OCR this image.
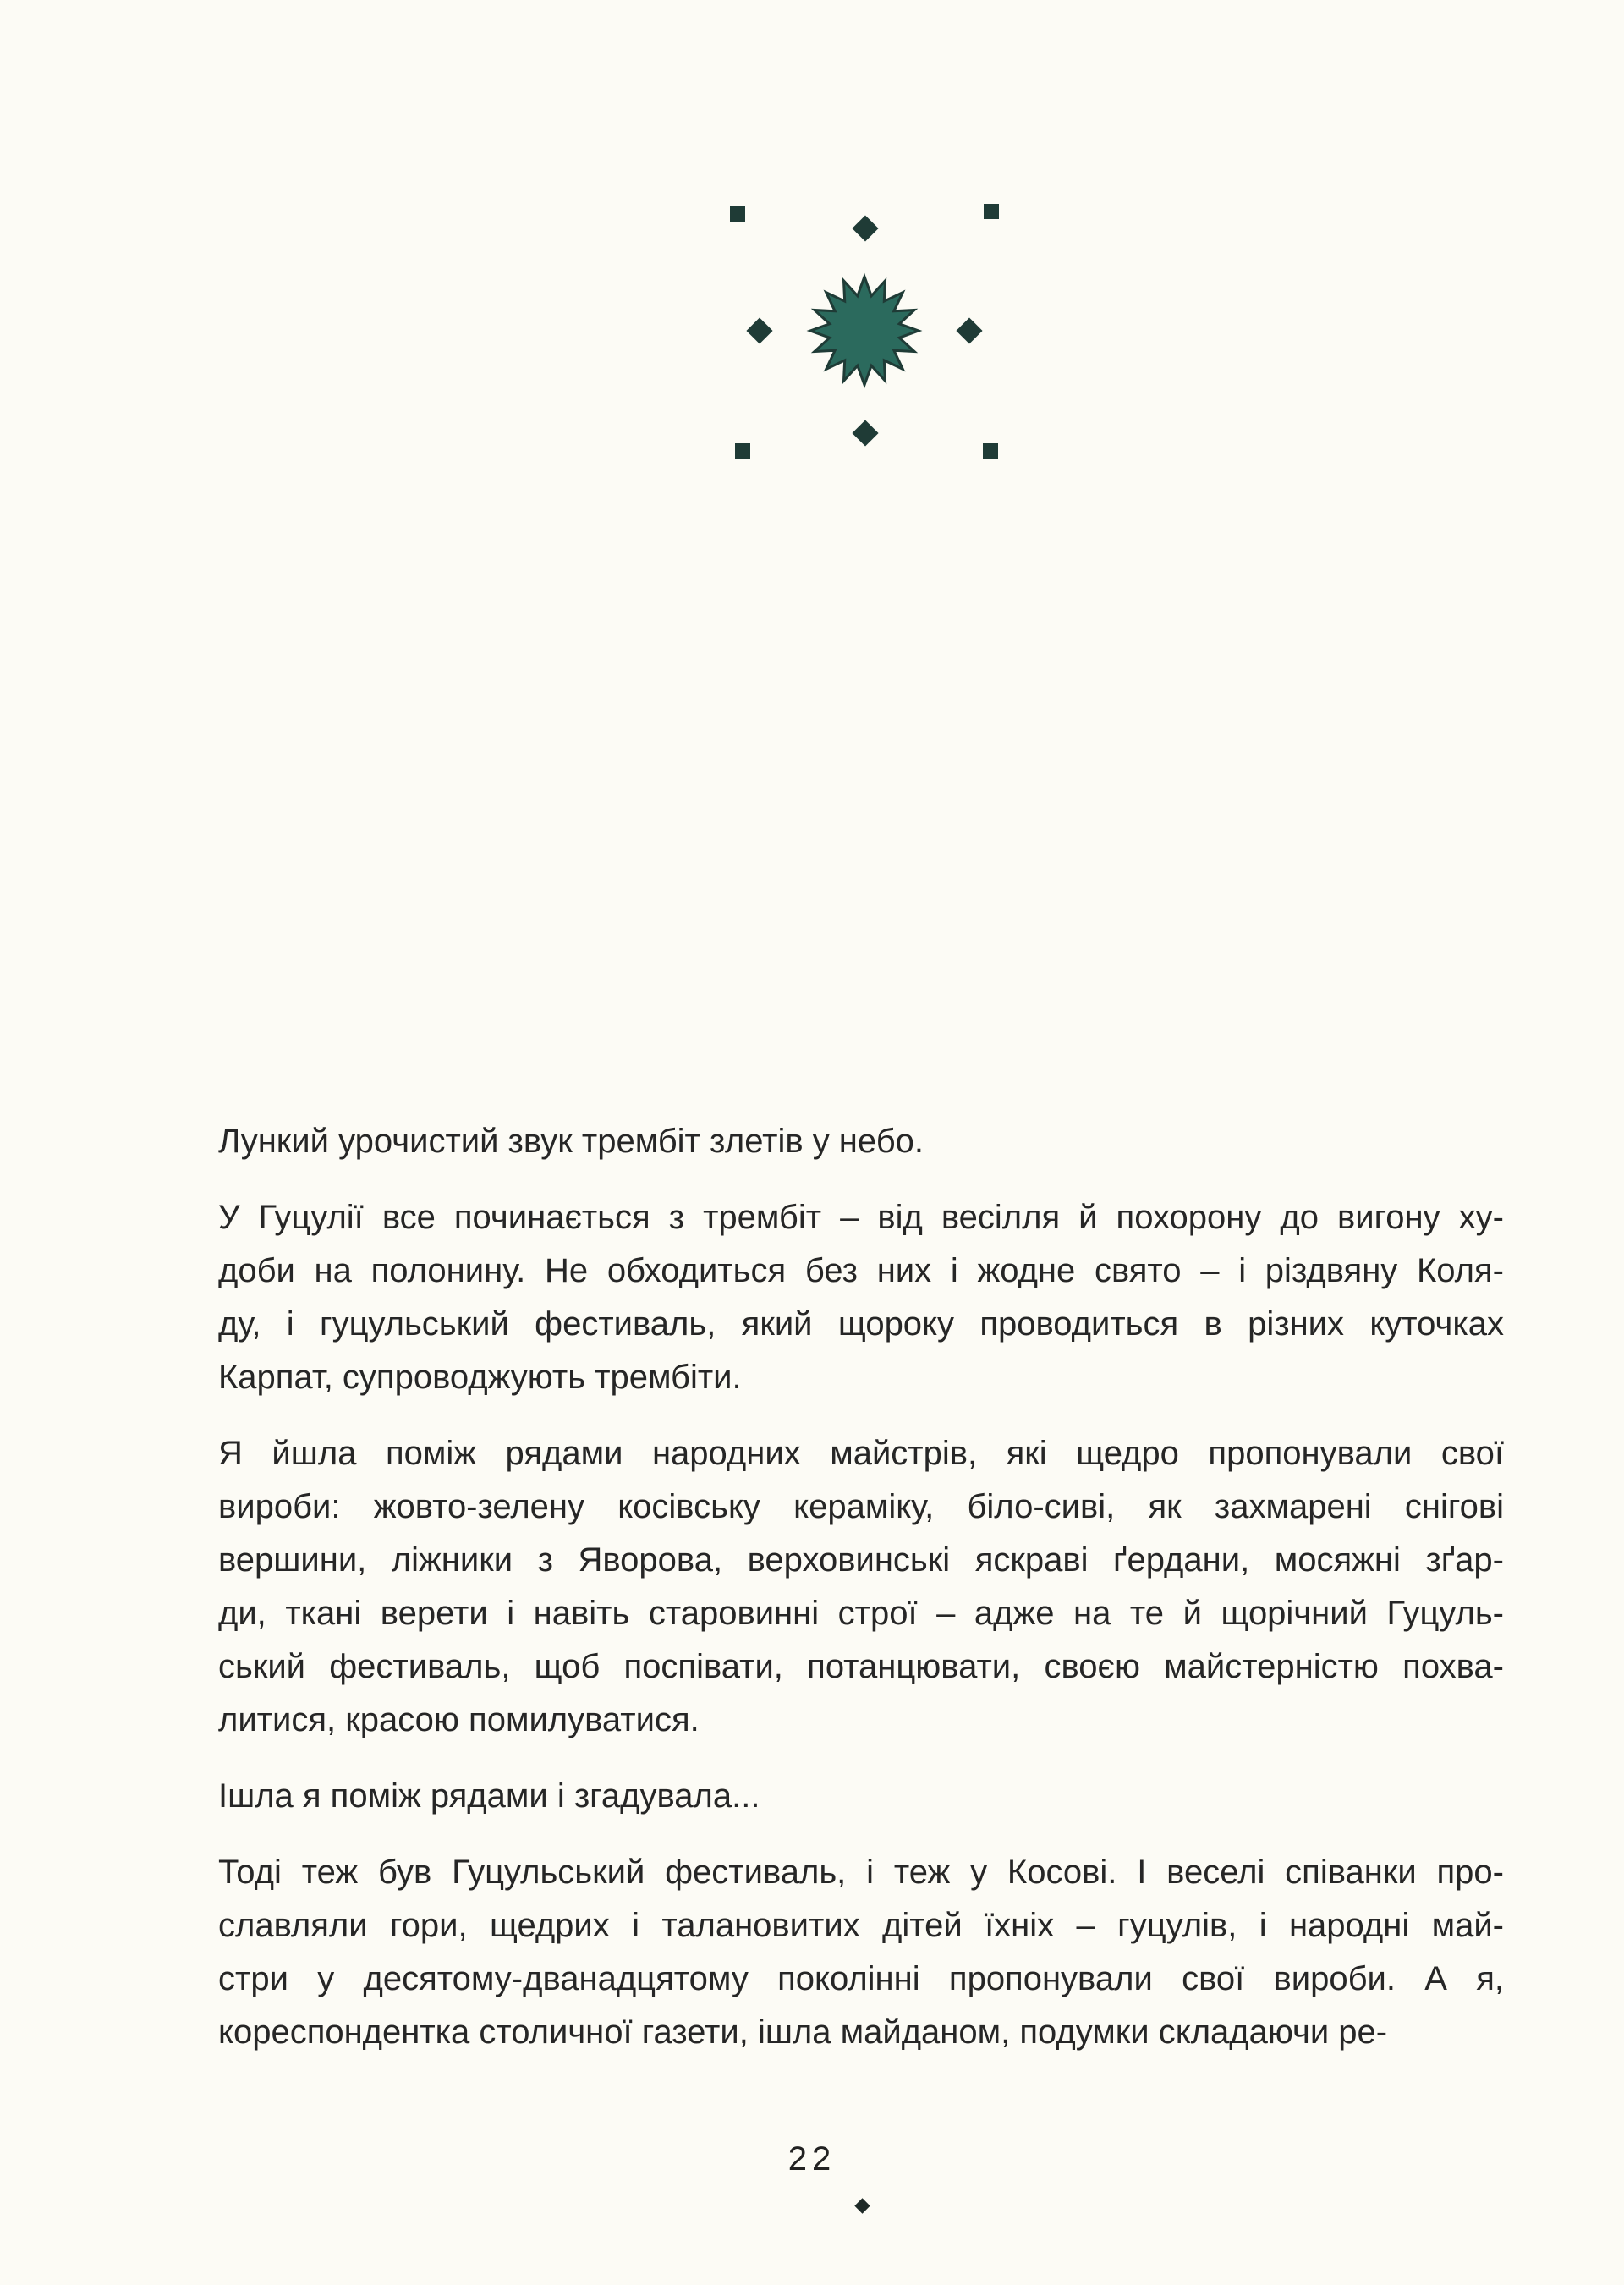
Лункий урочистий звук трембіт злетів у небо.

У Гуцулії все починається з трембіт – від весілля й похорону до вигону ху-
доби на полонину. Не обходиться без них і жодне свято – і різдвяну Коля-
ду, і гуцульський фестиваль, який щороку проводиться в різних куточках
Карпат, супроводжують трембіти.

Я йшла поміж рядами народних майстрів, які щедро пропонували свої
вироби: жовто-зелену косівську кераміку, біло-сиві, як захмарені снігові
вершини, ліжники з Яворова, верховинські яскраві ґердани, мосяжні зґар-
ди, ткані верети і навіть старовинні строї – адже на те й щорічний Гуцуль-
ський фестиваль, щоб поспівати, потанцювати, своєю майстерністю похва-
литися, красою помилуватися.

Ішла я поміж рядами і згадувала...

Тоді теж був Гуцульський фестиваль, і теж у Косові. І веселі співанки про-
славляли гори, щедрих і талановитих дітей їхніх – гуцулів, і народні май-
стри у десятому-дванадцятому поколінні пропонували свої вироби. А я,
кореспондентка столичної газети, ішла майданом, подумки складаючи ре-

22
